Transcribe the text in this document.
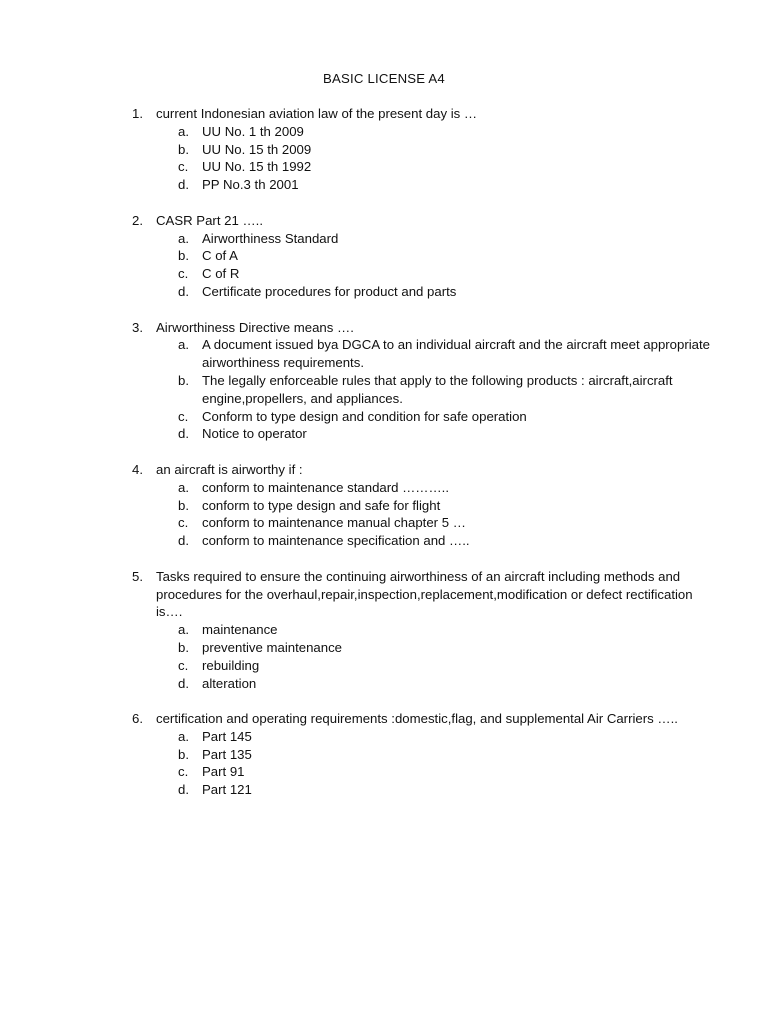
BASIC LICENSE A4
1. current Indonesian aviation law of the present day is …
a. UU No. 1 th 2009
b. UU No. 15 th 2009
c.	UU No. 15 th 1992
d. PP No.3 th 2001
2. CASR Part 21 …..
a. Airworthiness Standard
b. C of A
c.	C of R
d. Certificate procedures for product and parts
3. Airworthiness Directive means ….
a. A document issued bya DGCA to an individual aircraft and the aircraft meet appropriate airworthiness requirements.
b. The legally enforceable rules that apply to the following products : aircraft,aircraft engine,propellers, and appliances.
c.	Conform to type design and condition for safe operation
d. Notice to operator
4. an aircraft is airworthy if :
a. conform to maintenance standard ………..
b. conform to type design and safe for flight
c.	conform to maintenance manual chapter 5 …
d. conform to maintenance specification and …..
5. Tasks required to ensure the continuing airworthiness of an aircraft including methods and procedures for the overhaul,repair,inspection,replacement,modification or defect rectification is….
a. maintenance
b. preventive maintenance
c.	rebuilding
d. alteration
6. certification and operating requirements :domestic,flag, and supplemental Air Carriers …..
a. Part 145
b. Part 135
c.	Part 91
d. Part 121
